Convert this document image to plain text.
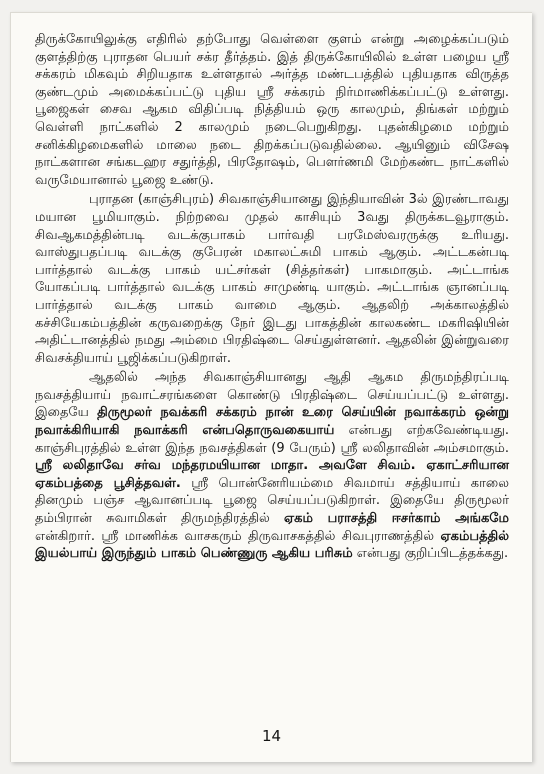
திருக்கோயிலுக்கு எதிரில் தற்போது வெள்ளை குளம் என்று அழைக்கப்படும் குளத்திற்கு புராதன பெயர் சக்ர தீர்த்தம். இத் திருக்கோயிலில் உள்ள பழைய ஸ்ரீ சக்கரம் மிகவும் சிறியதாக உள்ளதால் அர்த்த மண்டபத்தில் புதியதாக விருத்த குண்டமும் அமைக்கப்பட்டு புதிய ஸ்ரீ சக்கரம் நிர்மாணிக்கப்பட்டு உள்ளது. பூஜைகள் சைவ ஆகம விதிப்படி நித்தியம் ஒரு காலமும், திங்கள் மற்றும் வெள்ளி நாட்களில் 2 காலமும் நடைபெறுகிறது. புதன்கிழமை மற்றும் சனிக்கிழமைகளில் மாலை நடை திறக்கப்படுவதில்லை. ஆயினும் விசேஷ நாட்களான சங்கடஹர சதுர்த்தி, பிரதோஷம், பௌர்ணமி மேற்கண்ட நாட்களில் வருமேயானால் பூஜை உண்டு.

புராதன (காஞ்சிபுரம்) சிவகாஞ்சியானது இந்தியாவின் 3ல் இரண்டாவது மயான பூமியாகும். நிற்றவை முதல் காசியும் 3வது திருக்கடவூராகும். சிவஆகமத்தின்படி வடக்குபாகம் பார்வதி பரமேஸ்வரருக்கு உரியது. வாஸ்துபதப்படி வடக்கு குபேரன் மகாலட்சுமி பாகம் ஆகும். அட்டகன்படி பார்த்தால் வடக்கு பாகம் யட்சர்கள் (சித்தர்கள்) பாகமாகும். அட்டாங்க யோகப்படி பார்த்தால் வடக்கு பாகம் சாமுண்டி யாகும். அட்டாங்க ஞானப்படி பார்த்தால் வடக்கு பாகம் வாமை ஆகும். ஆதலிற் அக்காலத்தில் கச்சியேகம்பத்தின் கருவறைக்கு நேர் இடது பாகத்தின் காலகண்ட மகரிஷியின் அதிட்டானத்தில் நமது அம்மை பிரதிஷ்டை செய்துள்ளனர். ஆதலின் இன்றுவரை சிவசக்தியாய் பூஜிக்கப்படுகிறாள்.

ஆதலில் அந்த சிவகாஞ்சியானது ஆதி ஆகம திருமந்திரப்படி நவசத்தியாய் நவாட்சரங்களை கொண்டு பிரதிஷ்டை செய்யப்பட்டு உள்ளது. இதையே திருமூலர் நவக்கரி சக்கரம் நான் உரை செய்யின் நவாக்கரம் ஒன்று நவாக்கிரியாகி நவாக்கரி என்பதொருவகையாய் என்பது எற்கவேண்டியது. காஞ்சிபுரத்தில் உள்ள இந்த நவசத்திகள் (9 பேரும்) ஸ்ரீ லலிதாவின் அம்சமாகும். ஸ்ரீ லலிதாவே சர்வ மந்தரமயியான மாதா. அவளே சிவம். ஏகாட்சரியான ஏகம்பத்தை பூசித்தவள். ஸ்ரீ பொன்னேரியம்மை சிவமாய் சத்தியாய் காலை தினமும் பஞ்ச ஆவானப்படி பூஜை செய்யப்படுகிறாள். இதையே திருமூலர் தம்பிரான் சுவாமிகள் திருமந்திரத்தில் ஏகம் பராசத்தி ஈசர்காம் அங்கமே என்கிறார். ஸ்ரீ மாணிக்க வாசகரும் திருவாசகத்தில் சிவபுராணத்தில் ஏகம்பத்தில் இயல்பாய் இருந்தும் பாகம் பெண்ணுரு ஆகிய பரிசும் என்பது குறிப்பிடத்தக்கது.

14
